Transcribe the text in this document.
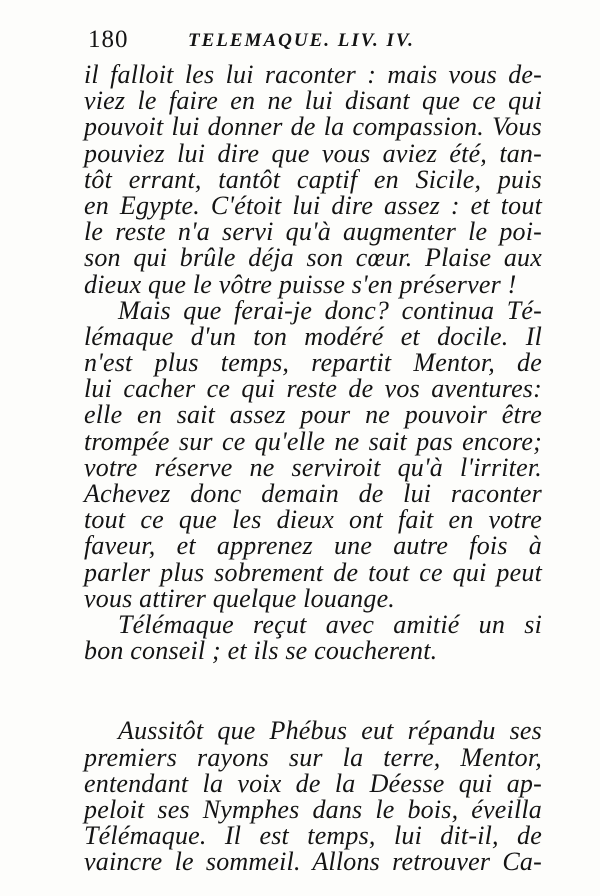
180	TELEMAQUE. LIV. IV.
il falloit les lui raconter : mais vous de-
viez le faire en ne lui disant que ce qui
pouvoit lui donner de la compassion. Vous
pouviez lui dire que vous aviez été, tan-
tôt errant, tantôt captif en Sicile, puis
en Egypte. C'étoit lui dire assez : et tout
le reste n'a servi qu'à augmenter le poi-
son qui brûle déja son cœur. Plaise aux
dieux que le vôtre puisse s'en préserver !
Mais que ferai-je donc? continua Té-
lémaque d'un ton modéré et docile. Il
n'est plus temps, repartit Mentor, de
lui cacher ce qui reste de vos aventures:
elle en sait assez pour ne pouvoir être
trompée sur ce qu'elle ne sait pas encore;
votre réserve ne serviroit qu'à l'irriter.
Achevez donc demain de lui raconter
tout ce que les dieux ont fait en votre
faveur, et apprenez une autre fois à
parler plus sobrement de tout ce qui peut
vous attirer quelque louange.
Télémaque reçut avec amitié un si
bon conseil ; et ils se coucherent.
Aussitôt que Phébus eut répandu ses
premiers rayons sur la terre, Mentor,
entendant la voix de la Déesse qui ap-
peloit ses Nymphes dans le bois, éveilla
Télémaque. Il est temps, lui dit-il, de
vaincre le sommeil. Allons retrouver Ca-
